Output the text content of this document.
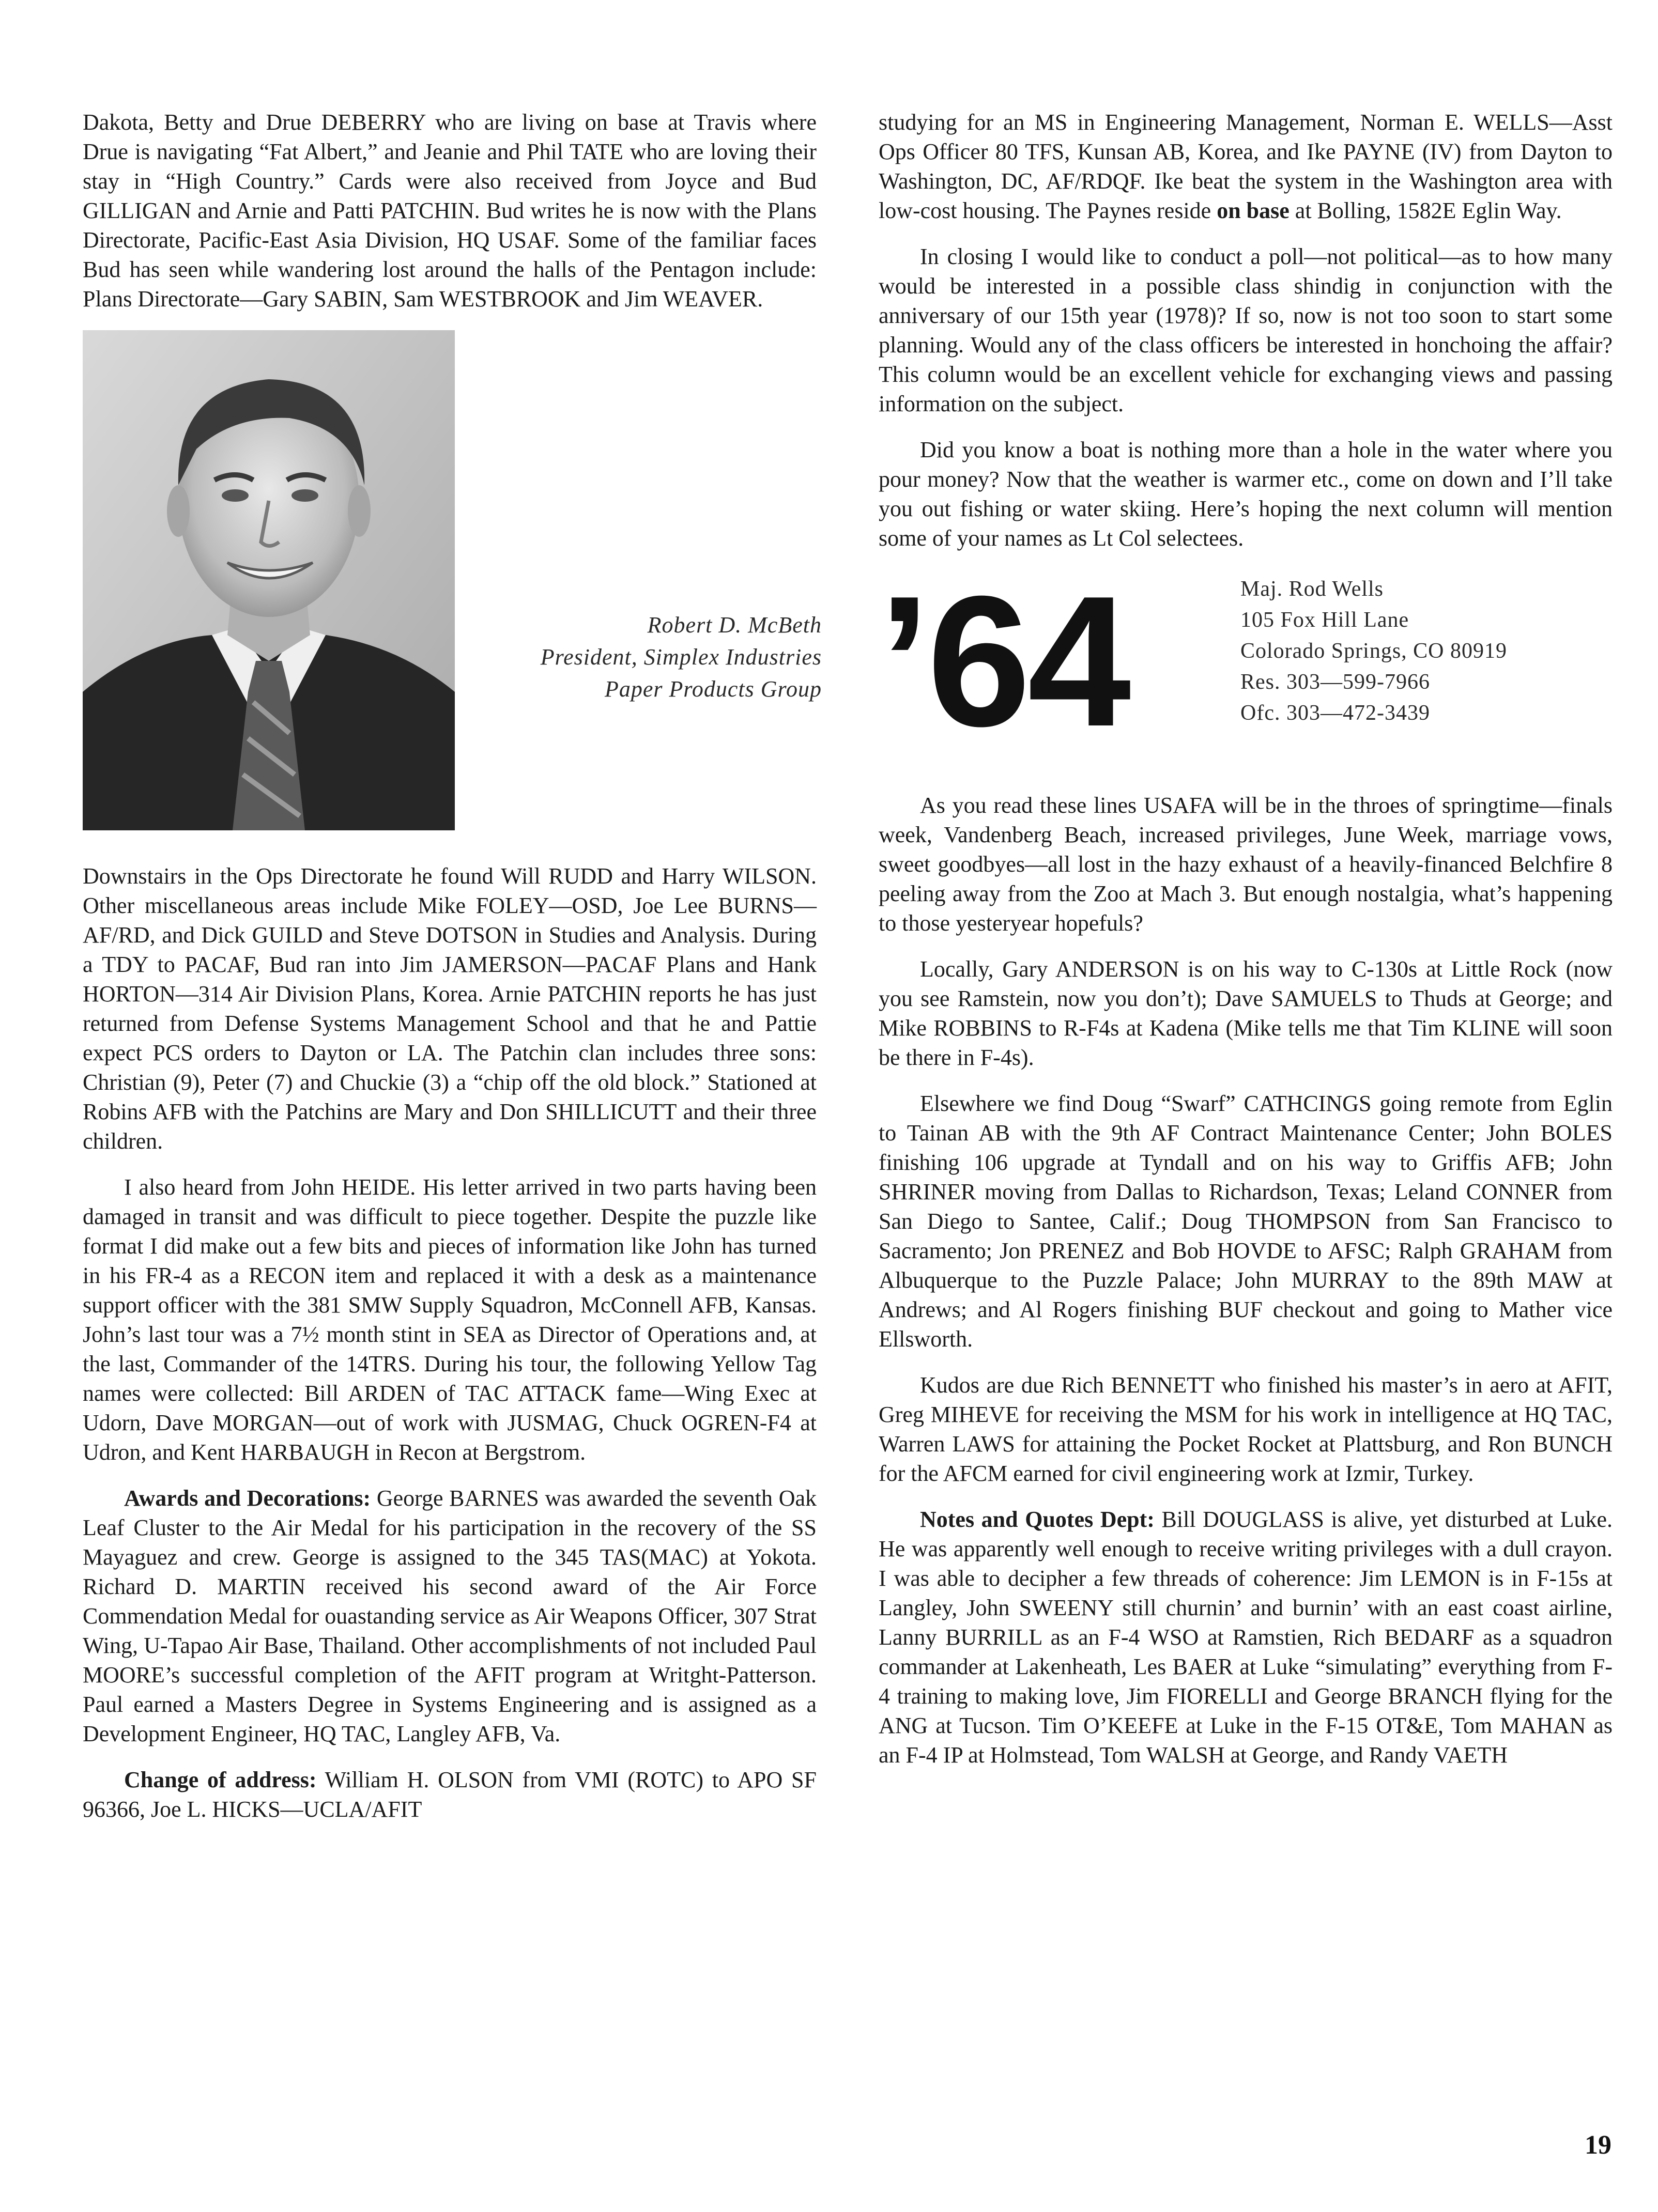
Dakota, Betty and Drue DEBERRY who are living on base at Travis where Drue is navigating “Fat Albert,” and Jeanie and Phil TATE who are loving their stay in “High Country.” Cards were also received from Joyce and Bud GILLIGAN and Arnie and Patti PATCHIN. Bud writes he is now with the Plans Directorate, Pacific-East Asia Division, HQ USAF. Some of the familiar faces Bud has seen while wandering lost around the halls of the Pentagon include: Plans Directorate—Gary SABIN, Sam WESTBROOK and Jim WEAVER.

Robert D. McBeth
President, Simplex Industries
Paper Products Group

Downstairs in the Ops Directorate he found Will RUDD and Harry WILSON. Other miscellaneous areas include Mike FOLEY—OSD, Joe Lee BURNS—AF/RD, and Dick GUILD and Steve DOTSON in Studies and Analysis. During a TDY to PACAF, Bud ran into Jim JAMERSON—PACAF Plans and Hank HORTON—314 Air Division Plans, Korea. Arnie PATCHIN reports he has just returned from Defense Systems Management School and that he and Pattie expect PCS orders to Dayton or LA. The Patchin clan includes three sons: Christian (9), Peter (7) and Chuckie (3) a “chip off the old block.” Stationed at Robins AFB with the Patchins are Mary and Don SHILLICUTT and their three children.

I also heard from John HEIDE. His letter arrived in two parts having been damaged in transit and was difficult to piece together. Despite the puzzle like format I did make out a few bits and pieces of information like John has turned in his FR-4 as a RECON item and replaced it with a desk as a maintenance support officer with the 381 SMW Supply Squadron, McConnell AFB, Kansas. John’s last tour was a 7½ month stint in SEA as Director of Operations and, at the last, Commander of the 14TRS. During his tour, the following Yellow Tag names were collected: Bill ARDEN of TAC ATTACK fame—Wing Exec at Udorn, Dave MORGAN—out of work with JUSMAG, Chuck OGREN-F4 at Udron, and Kent HARBAUGH in Recon at Bergstrom.

Awards and Decorations: George BARNES was awarded the seventh Oak Leaf Cluster to the Air Medal for his participation in the recovery of the SS Mayaguez and crew. George is assigned to the 345 TAS(MAC) at Yokota. Richard D. MARTIN received his second award of the Air Force Commendation Medal for ouastanding service as Air Weapons Officer, 307 Strat Wing, U-Tapao Air Base, Thailand. Other accomplishments of not included Paul MOORE’s successful completion of the AFIT program at Writght-Patterson. Paul earned a Masters Degree in Systems Engineering and is assigned as a Development Engineer, HQ TAC, Langley AFB, Va.

Change of address: William H. OLSON from VMI (ROTC) to APO SF 96366, Joe L. HICKS—UCLA/AFIT

studying for an MS in Engineering Management, Norman E. WELLS—Asst Ops Officer 80 TFS, Kunsan AB, Korea, and Ike PAYNE (IV) from Dayton to Washington, DC, AF/RDQF. Ike beat the system in the Washington area with low-cost housing. The Paynes reside on base at Bolling, 1582E Eglin Way.

In closing I would like to conduct a poll—not political—as to how many would be interested in a possible class shindig in conjunction with the anniversary of our 15th year (1978)? If so, now is not too soon to start some planning. Would any of the class officers be interested in honchoing the affair? This column would be an excellent vehicle for exchanging views and passing information on the subject.

Did you know a boat is nothing more than a hole in the water where you pour money? Now that the weather is warmer etc., come on down and I’ll take you out fishing or water skiing. Here’s hoping the next column will mention some of your names as Lt Col selectees.

’64	Maj. Rod Wells
105 Fox Hill Lane
Colorado Springs, CO 80919
Res. 303—599-7966
Ofc. 303—472-3439

As you read these lines USAFA will be in the throes of springtime—finals week, Vandenberg Beach, increased privileges, June Week, marriage vows, sweet goodbyes—all lost in the hazy exhaust of a heavily-financed Belchfire 8 peeling away from the Zoo at Mach 3. But enough nostalgia, what’s happening to those yesteryear hopefuls?

Locally, Gary ANDERSON is on his way to C-130s at Little Rock (now you see Ramstein, now you don’t); Dave SAMUELS to Thuds at George; and Mike ROBBINS to R-F4s at Kadena (Mike tells me that Tim KLINE will soon be there in F-4s).

Elsewhere we find Doug “Swarf” CATHCINGS going remote from Eglin to Tainan AB with the 9th AF Contract Maintenance Center; John BOLES finishing 106 upgrade at Tyndall and on his way to Griffis AFB; John SHRINER moving from Dallas to Richardson, Texas; Leland CONNER from San Diego to Santee, Calif.; Doug THOMPSON from San Francisco to Sacramento; Jon PRENEZ and Bob HOVDE to AFSC; Ralph GRAHAM from Albuquerque to the Puzzle Palace; John MURRAY to the 89th MAW at Andrews; and Al Rogers finishing BUF checkout and going to Mather vice Ellsworth.

Kudos are due Rich BENNETT who finished his master’s in aero at AFIT, Greg MIHEVE for receiving the MSM for his work in intelligence at HQ TAC, Warren LAWS for attaining the Pocket Rocket at Plattsburg, and Ron BUNCH for the AFCM earned for civil engineering work at Izmir, Turkey.

Notes and Quotes Dept: Bill DOUGLASS is alive, yet disturbed at Luke. He was apparently well enough to receive writing privileges with a dull crayon. I was able to decipher a few threads of coherence: Jim LEMON is in F-15s at Langley, John SWEENY still churnin’ and burnin’ with an east coast airline, Lanny BURRILL as an F-4 WSO at Ramstien, Rich BEDARF as a squadron commander at Lakenheath, Les BAER at Luke “simulating” everything from F-4 training to making love, Jim FIORELLI and George BRANCH flying for the ANG at Tucson. Tim O’KEEFE at Luke in the F-15 OT&E, Tom MAHAN as an F-4 IP at Holmstead, Tom WALSH at George, and Randy VAETH

19
